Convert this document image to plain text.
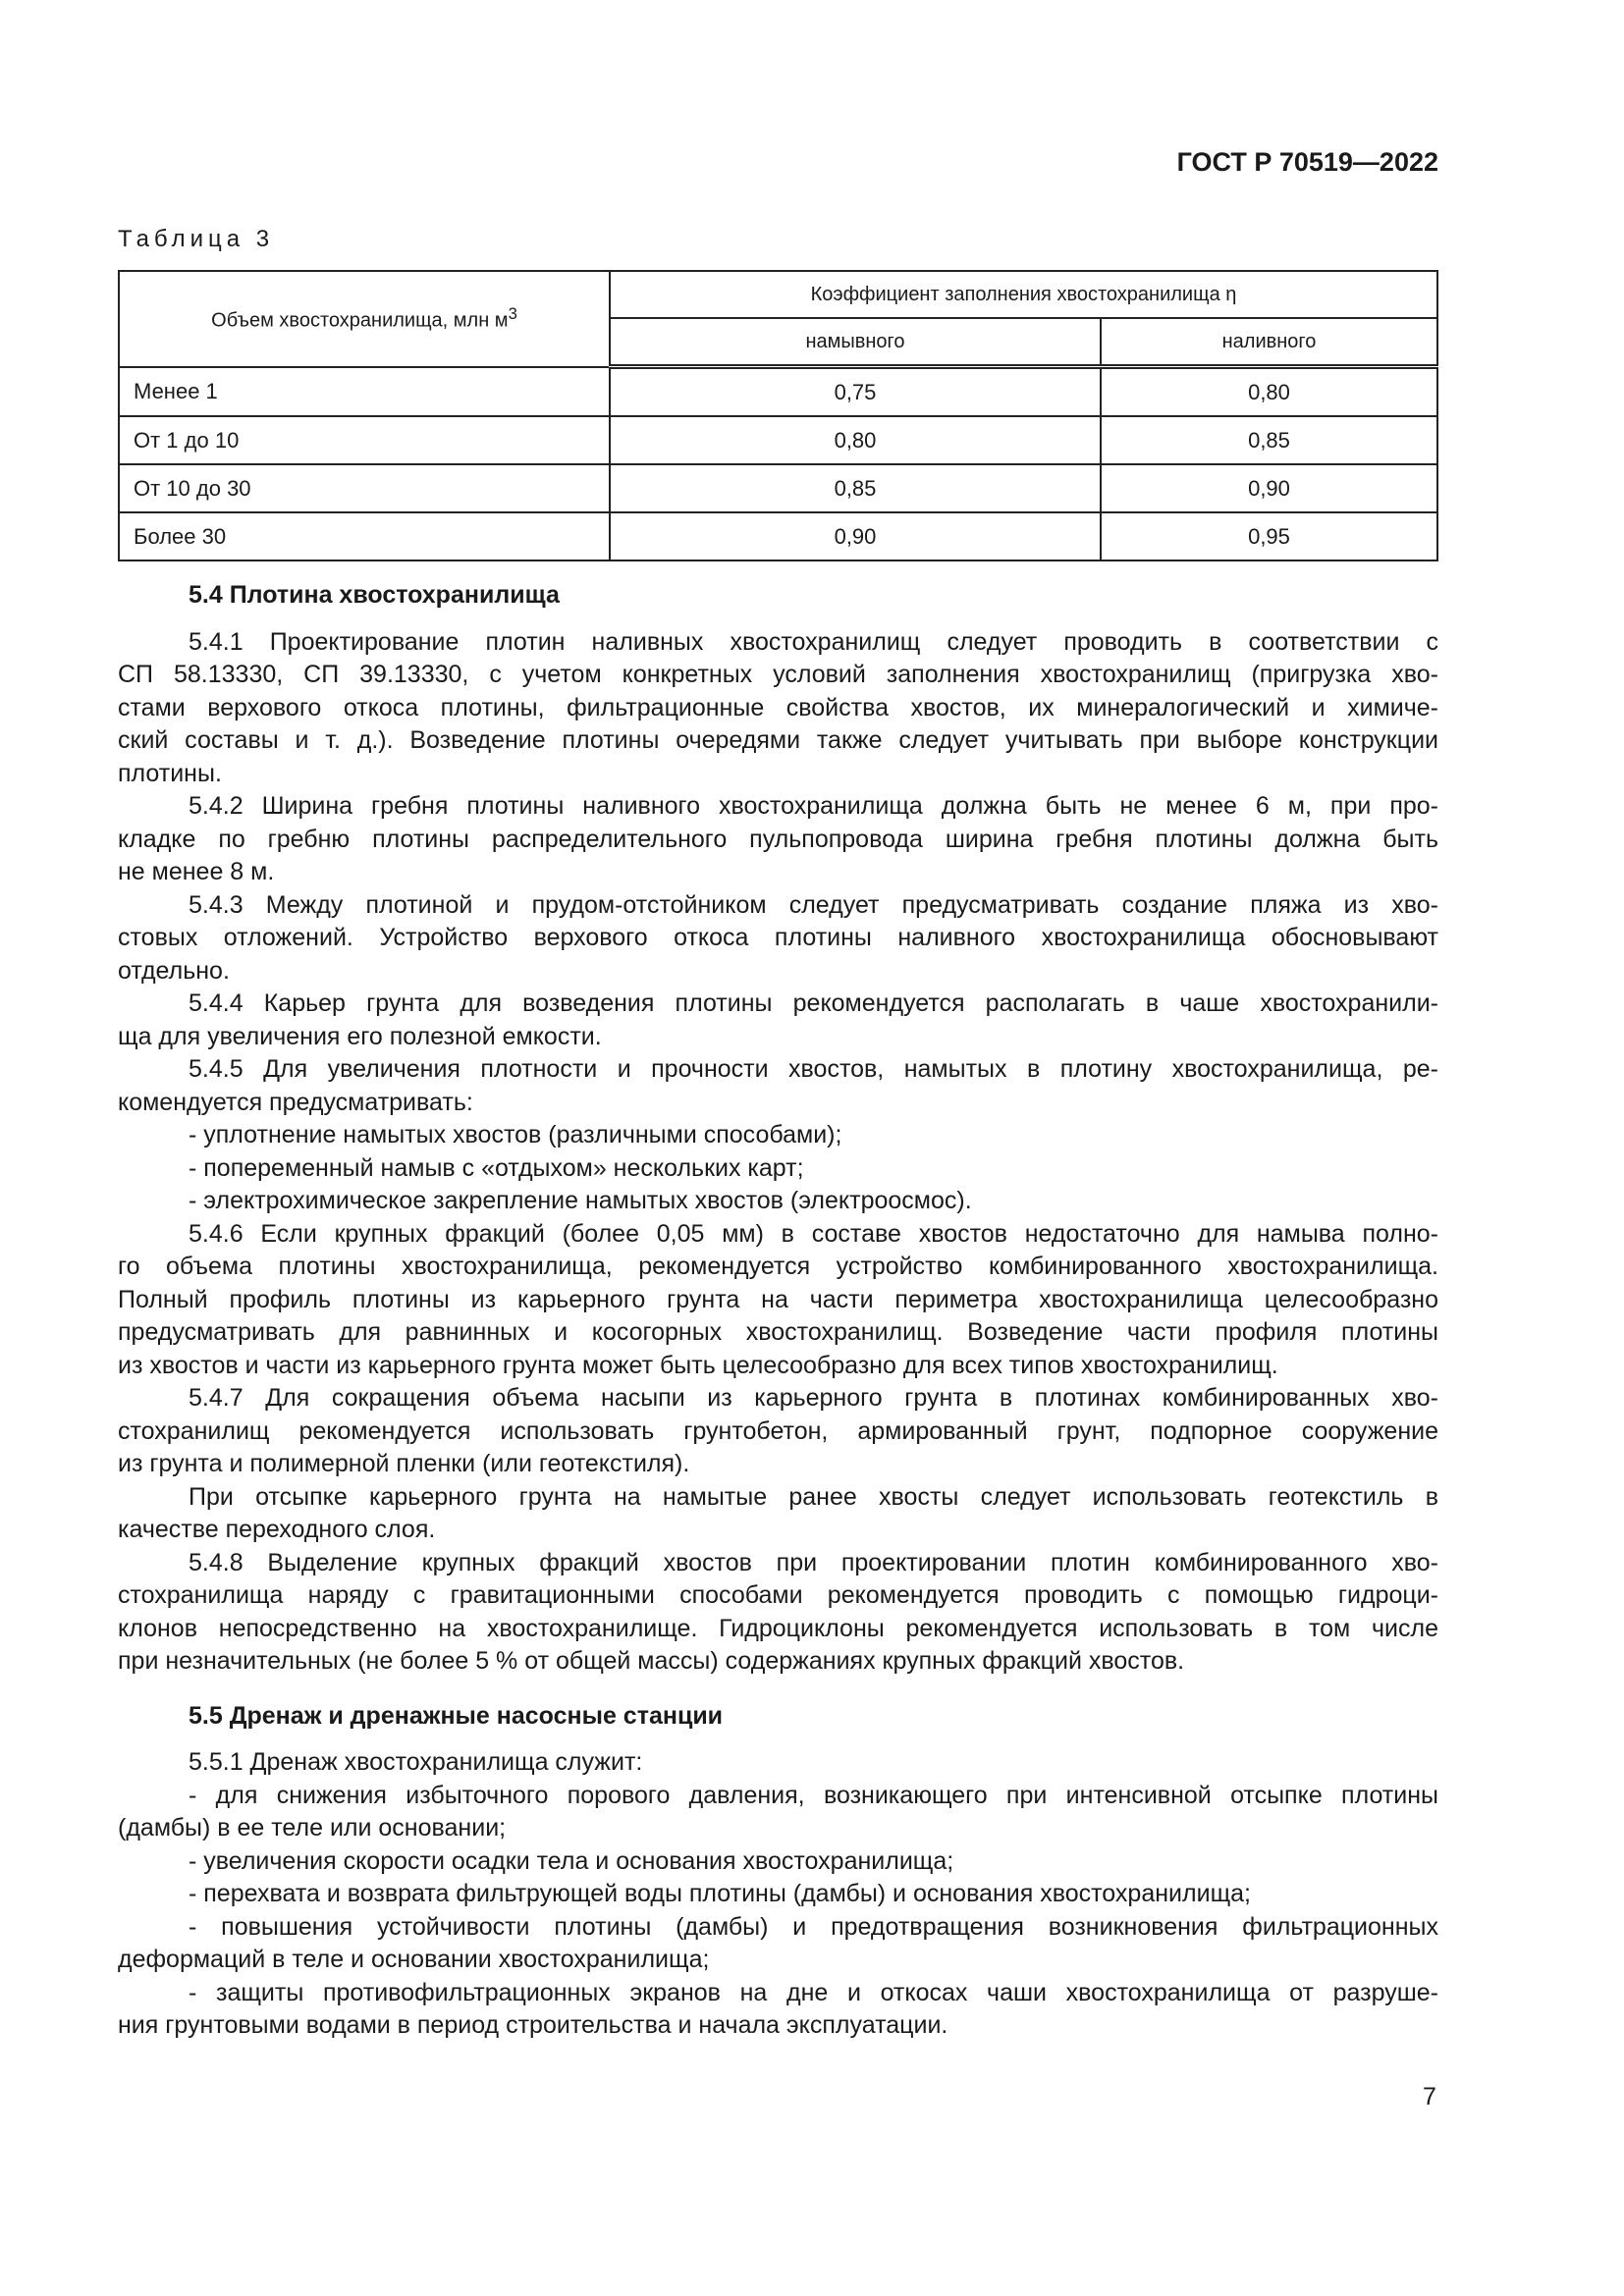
ГОСТ Р 70519—2022
Таблица 3
Объем хвостохранилища, млн $м^3$	Коэффициент заполнения хвостохранилища η	
	намывного	наливного
Менее 1	0,75	0,80
От 1 до 10	0,80	0,85
От 10 до 30	0,85	0,90
Более 30	0,90	0,95
5.4 Плотина хвостохранилища
5.4.1 Проектирование плотин наливных хвостохранилищ следует проводить в соответствии с
СП 58.13330, СП 39.13330, с учетом конкретных условий заполнения хвостохранилищ (пригрузка хво-
стами верхового откоса плотины, фильтрационные свойства хвостов, их минералогический и химиче-
ский составы и т. д.). Возведение плотины очередями также следует учитывать при выборе конструкции
плотины.
5.4.2 Ширина гребня плотины наливного хвостохранилища должна быть не менее 6 м, при про-
кладке по гребню плотины распределительного пульпопровода ширина гребня плотины должна быть
не менее 8 м.
5.4.3 Между плотиной и прудом-отстойником следует предусматривать создание пляжа из хво-
стовых отложений. Устройство верхового откоса плотины наливного хвостохранилища обосновывают
отдельно.
5.4.4 Карьер грунта для возведения плотины рекомендуется располагать в чаше хвостохранили-
ща для увеличения его полезной емкости.
5.4.5 Для увеличения плотности и прочности хвостов, намытых в плотину хвостохранилища, ре-
комендуется предусматривать:
- уплотнение намытых хвостов (различными способами);
- попеременный намыв с «отдыхом» нескольких карт;
- электрохимическое закрепление намытых хвостов (электроосмос).
5.4.6 Если крупных фракций (более 0,05 мм) в составе хвостов недостаточно для намыва полно-
го объема плотины хвостохранилища, рекомендуется устройство комбинированного хвостохранилища.
Полный профиль плотины из карьерного грунта на части периметра хвостохранилища целесообразно
предусматривать для равнинных и косогорных хвостохранилищ. Возведение части профиля плотины
из хвостов и части из карьерного грунта может быть целесообразно для всех типов хвостохранилищ.
5.4.7 Для сокращения объема насыпи из карьерного грунта в плотинах комбинированных хво-
стохранилищ рекомендуется использовать грунтобетон, армированный грунт, подпорное сооружение
из грунта и полимерной пленки (или геотекстиля).
При отсыпке карьерного грунта на намытые ранее хвосты следует использовать геотекстиль в
качестве переходного слоя.
5.4.8 Выделение крупных фракций хвостов при проектировании плотин комбинированного хво-
стохранилища наряду с гравитационными способами рекомендуется проводить с помощью гидроци-
клонов непосредственно на хвостохранилище. Гидроциклоны рекомендуется использовать в том числе
при незначительных (не более 5 % от общей массы) содержаниях крупных фракций хвостов.
5.5 Дренаж и дренажные насосные станции
5.5.1 Дренаж хвостохранилища служит:
- для снижения избыточного порового давления, возникающего при интенсивной отсыпке плотины
(дамбы) в ее теле или основании;
- увеличения скорости осадки тела и основания хвостохранилища;
- перехвата и возврата фильтрующей воды плотины (дамбы) и основания хвостохранилища;
- повышения устойчивости плотины (дамбы) и предотвращения возникновения фильтрационных
деформаций в теле и основании хвостохранилища;
- защиты противофильтрационных экранов на дне и откосах чаши хвостохранилища от разруше-
ния грунтовыми водами в период строительства и начала эксплуатации.
7
